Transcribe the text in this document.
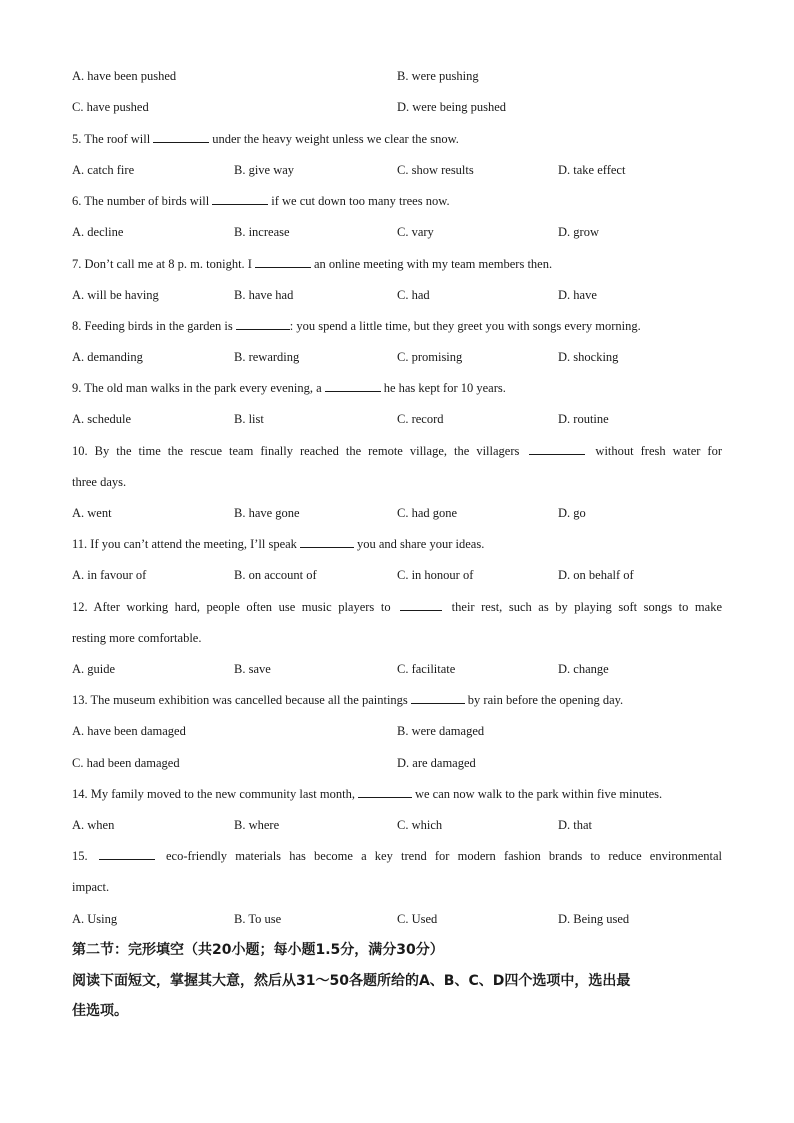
A. have been pushed	B. were pushing
C. have pushed	D. were being pushed
5. The roof will	under the heavy weight unless we clear the snow.
A. catch fire	B. give way	C. show results	D. take effect
6. The number of birds will	if we cut down too many trees now.
A. decline	B. increase	C. vary	D. grow
7. Don’t call me at 8 p. m. tonight. I	an online meeting with my team members then.
A. will be having	B. have had	C. had	D. have
8. Feeding birds in the garden is	: you spend a little time, but they greet you with songs every morning.
A. demanding	B. rewarding	C. promising	D. shocking
9. The old man walks in the park every evening, a	he has kept for 10 years.
A. schedule	B. list	C. record	D. routine
10. By the time the rescue team finally reached the remote village, the villagers	without fresh water for
three days.
A. went	B. have gone	C. had gone	D. go
11. If you can’t attend the meeting, I’ll speak	you and share your ideas.
A. in favour of	B. on account of	C. in honour of	D. on behalf of
12. After working hard, people often use music players to	their rest, such as by playing soft songs to make
resting more comfortable.
A. guide	B. save	C. facilitate	D. change
13. The museum exhibition was cancelled because all the paintings	by rain before the opening day.
A. have been damaged	B. were damaged
C. had been damaged	D. are damaged
14. My family moved to the new community last month,	we can now walk to the park within five minutes.
A. when	B. where	C. which	D. that
15.	eco-friendly materials has become a key trend for modern fashion brands to reduce environmental
impact.
A. Using	B. To use	C. Used	D. Being used
第二节：完形填空（共20小题；每小题1.5分，满分30分）
阅读下面短文，掌握其大意，然后从31～50各题所给的A、B、C、D四个选项中，选出最
佳选项。
